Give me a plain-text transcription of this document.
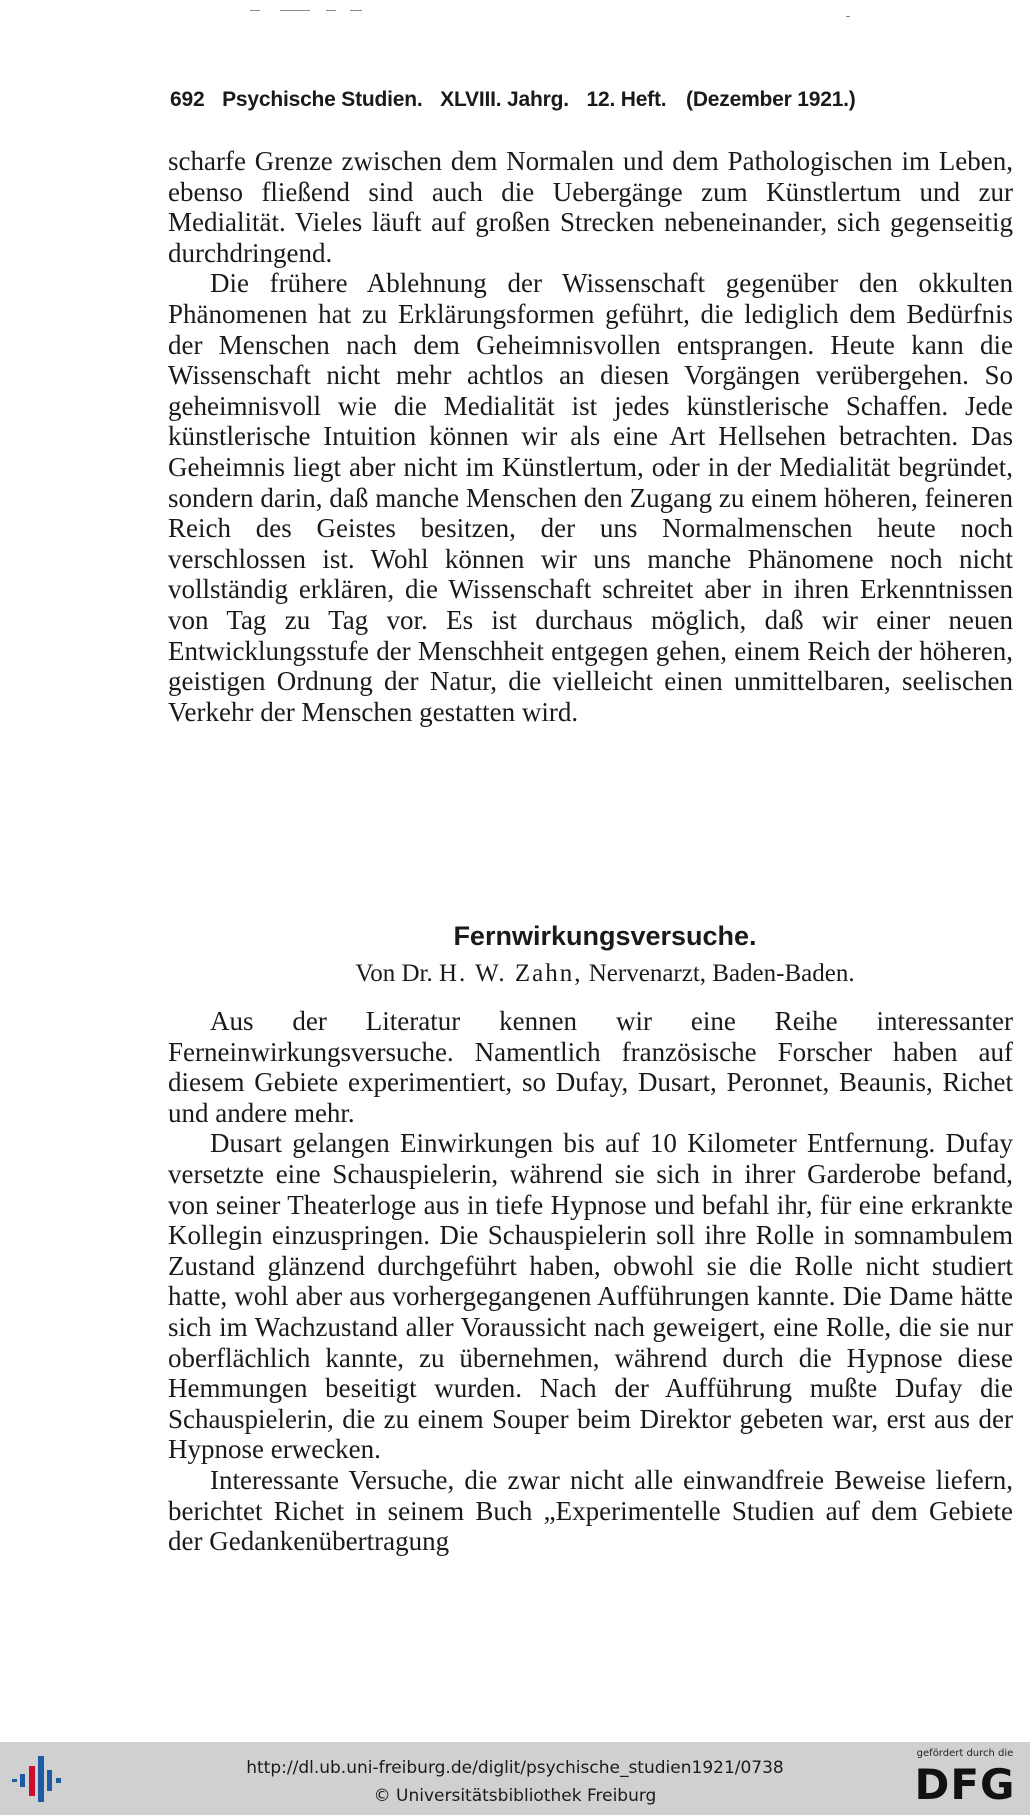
692 Psychische Studien. XLVIII. Jahrg. 12. Heft. (Dezember 1921.)

scharfe Grenze zwischen dem Normalen und dem Pathologischen im Leben, ebenso fließend sind auch die Uebergänge zum Künstlertum und zur Medialität. Vieles läuft auf großen Strecken nebeneinander, sich gegenseitig durchdringend.

Die frühere Ablehnung der Wissenschaft gegenüber den okkulten Phänomenen hat zu Erklärungsformen geführt, die lediglich dem Bedürfnis der Menschen nach dem Geheimnisvollen entsprangen. Heute kann die Wissenschaft nicht mehr achtlos an diesen Vorgängen verübergehen. So geheimnisvoll wie die Medialität ist jedes künstlerische Schaffen. Jede künstlerische Intuition können wir als eine Art Hellsehen betrachten. Das Geheimnis liegt aber nicht im Künstlertum, oder in der Medialität begründet, sondern darin, daß manche Menschen den Zugang zu einem höheren, feineren Reich des Geistes besitzen, der uns Normalmenschen heute noch verschlossen ist. Wohl können wir uns manche Phänomene noch nicht vollständig erklären, die Wissenschaft schreitet aber in ihren Erkenntnissen von Tag zu Tag vor. Es ist durchaus möglich, daß wir einer neuen Entwicklungsstufe der Menschheit entgegen gehen, einem Reich der höheren, geistigen Ordnung der Natur, die vielleicht einen unmittelbaren, seelischen Verkehr der Menschen gestatten wird.

Fernwirkungsversuche.
Von Dr. H. W. Zahn, Nervenarzt, Baden-Baden.

Aus der Literatur kennen wir eine Reihe interessanter Ferneinwirkungsversuche. Namentlich französische Forscher haben auf diesem Gebiete experimentiert, so Dufay, Dusart, Peronnet, Beaunis, Richet und andere mehr.

Dusart gelangen Einwirkungen bis auf 10 Kilometer Entfernung. Dufay versetzte eine Schauspielerin, während sie sich in ihrer Garderobe befand, von seiner Theaterloge aus in tiefe Hypnose und befahl ihr, für eine erkrankte Kollegin einzuspringen. Die Schauspielerin soll ihre Rolle in somnambulem Zustand glänzend durchgeführt haben, obwohl sie die Rolle nicht studiert hatte, wohl aber aus vorhergegangenen Aufführungen kannte. Die Dame hätte sich im Wachzustand aller Voraussicht nach geweigert, eine Rolle, die sie nur oberflächlich kannte, zu übernehmen, während durch die Hypnose diese Hemmungen beseitigt wurden. Nach der Aufführung mußte Dufay die Schauspielerin, die zu einem Souper beim Direktor gebeten war, erst aus der Hypnose erwecken.

Interessante Versuche, die zwar nicht alle einwandfreie Beweise liefern, berichtet Richet in seinem Buch „Experimentelle Studien auf dem Gebiete der Gedankenübertragung

http://dl.ub.uni-freiburg.de/diglit/psychische_studien1921/0738
© Universitätsbibliothek Freiburg
gefördert durch die
DFG
